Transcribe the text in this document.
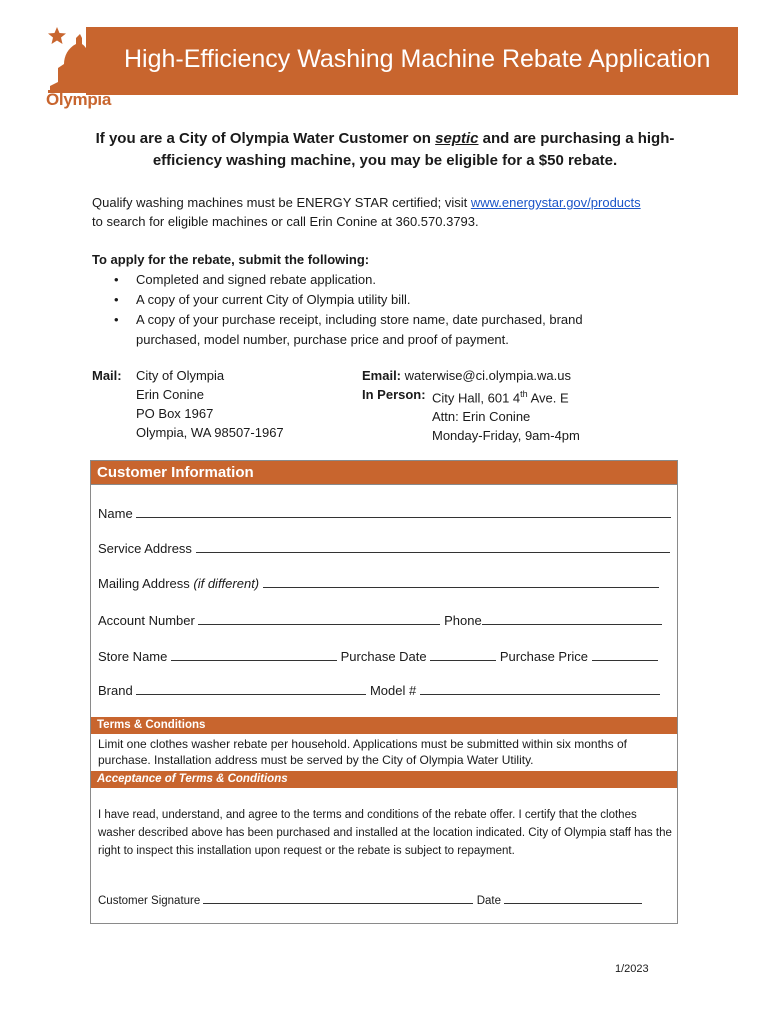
High-Efficiency Washing Machine Rebate Application
Olympia
If you are a City of Olympia Water Customer on septic and are purchasing a high-efficiency washing machine, you may be eligible for a $50 rebate.
Qualify washing machines must be ENERGY STAR certified; visit www.energystar.gov/products
to search for eligible machines or call Erin Conine at 360.570.3793.
To apply for the rebate, submit the following:
• Completed and signed rebate application.
• A copy of your current City of Olympia utility bill.
• A copy of your purchase receipt, including store name, date purchased, brand purchased, model number, purchase price and proof of payment.
Mail: City of Olympia
Erin Conine
PO Box 1967
Olympia, WA 98507-1967
Email: waterwise@ci.olympia.wa.us
In Person: City Hall, 601 4th Ave. E
Attn: Erin Conine
Monday-Friday, 9am-4pm
Customer Information
Name
Service Address
Mailing Address (if different)
Account Number	Phone
Store Name	Purchase Date	Purchase Price
Brand	Model #
Terms & Conditions
Limit one clothes washer rebate per household. Applications must be submitted within six months of purchase. Installation address must be served by the City of Olympia Water Utility.
Acceptance of Terms & Conditions
I have read, understand, and agree to the terms and conditions of the rebate offer. I certify that the clothes washer described above has been purchased and installed at the location indicated. City of Olympia staff has the right to inspect this installation upon request or the rebate is subject to repayment.
Customer Signature	Date
1/2023
